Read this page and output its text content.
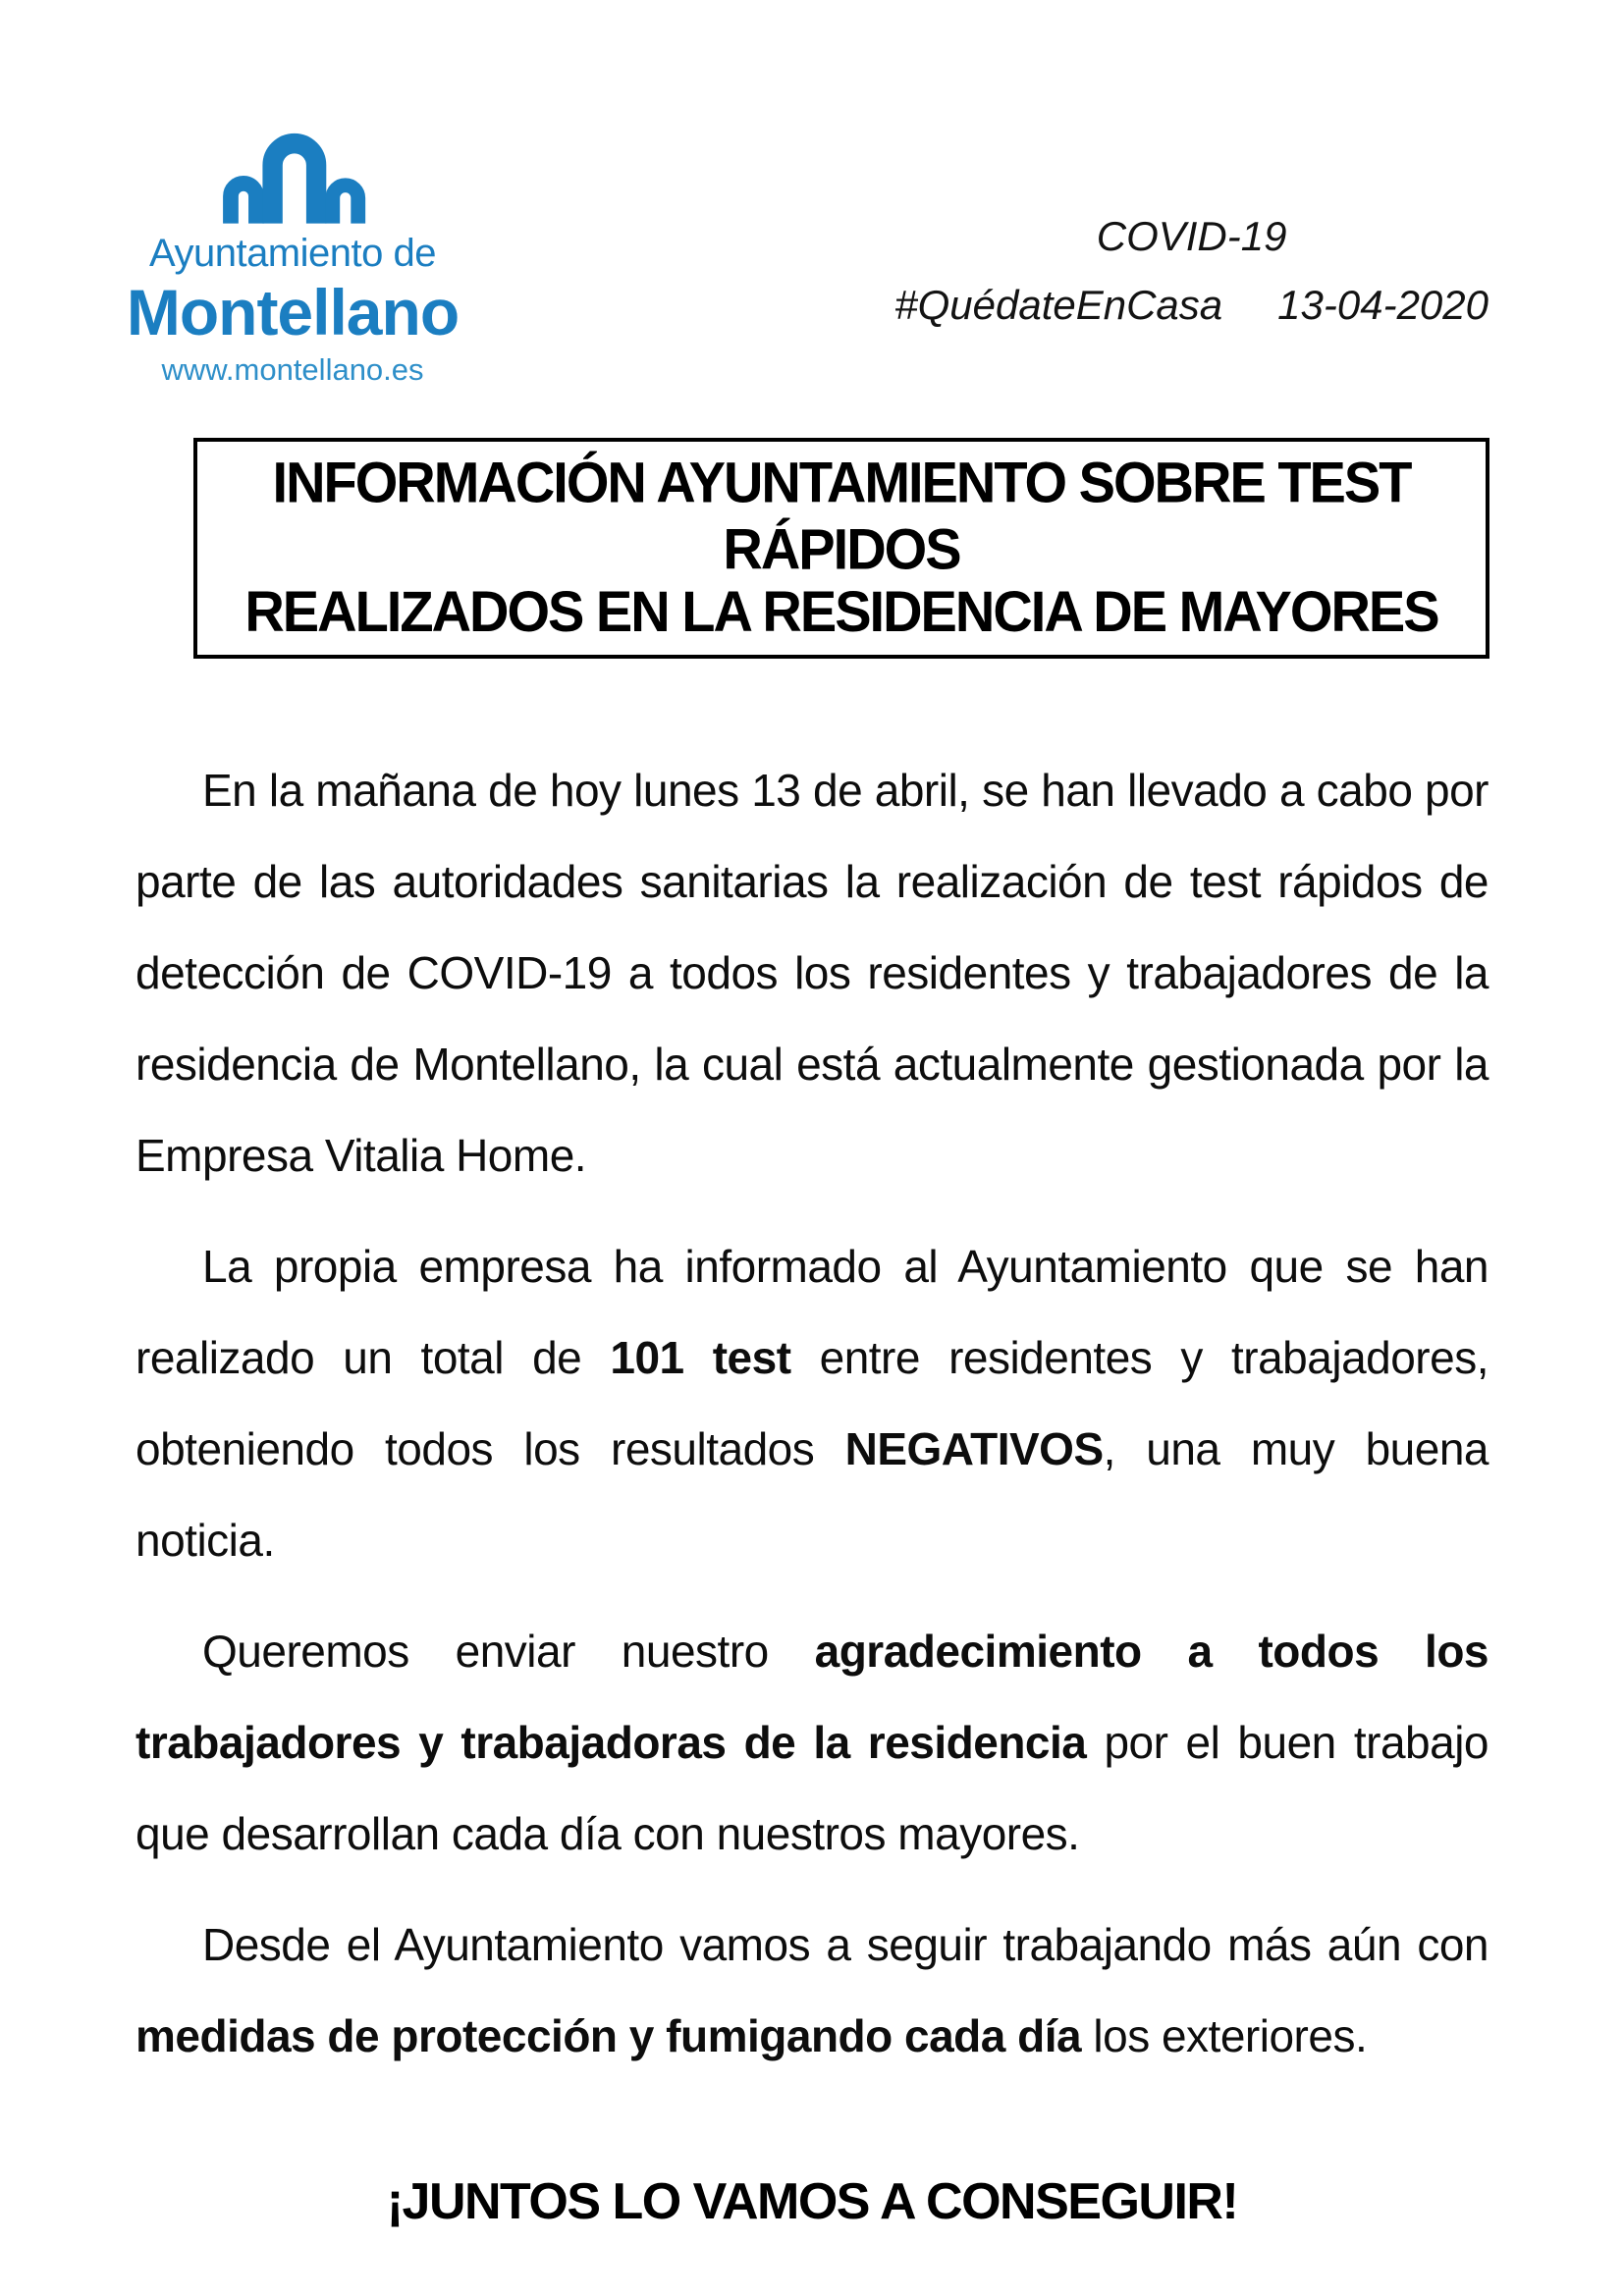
Ayuntamiento de
Montellano
www.montellano.es
COVID-19
#QuédateEnCasa 13-04-2020
INFORMACIÓN AYUNTAMIENTO SOBRE TEST RÁPIDOS
REALIZADOS EN LA RESIDENCIA DE MAYORES

En la mañana de hoy lunes 13 de abril, se han llevado a cabo por parte de las autoridades sanitarias la realización de test rápidos de detección de COVID-19 a todos los residentes y trabajadores de la residencia de Montellano, la cual está actualmente gestionada por la Empresa Vitalia Home.

La propia empresa ha informado al Ayuntamiento que se han realizado un total de 101 test entre residentes y trabajadores, obteniendo todos los resultados NEGATIVOS, una muy buena noticia.

Queremos enviar nuestro agradecimiento a todos los trabajadores y trabajadoras de la residencia por el buen trabajo que desarrollan cada día con nuestros mayores.

Desde el Ayuntamiento vamos a seguir trabajando más aún con medidas de protección y fumigando cada día los exteriores.

¡JUNTOS LO VAMOS A CONSEGUIR!
